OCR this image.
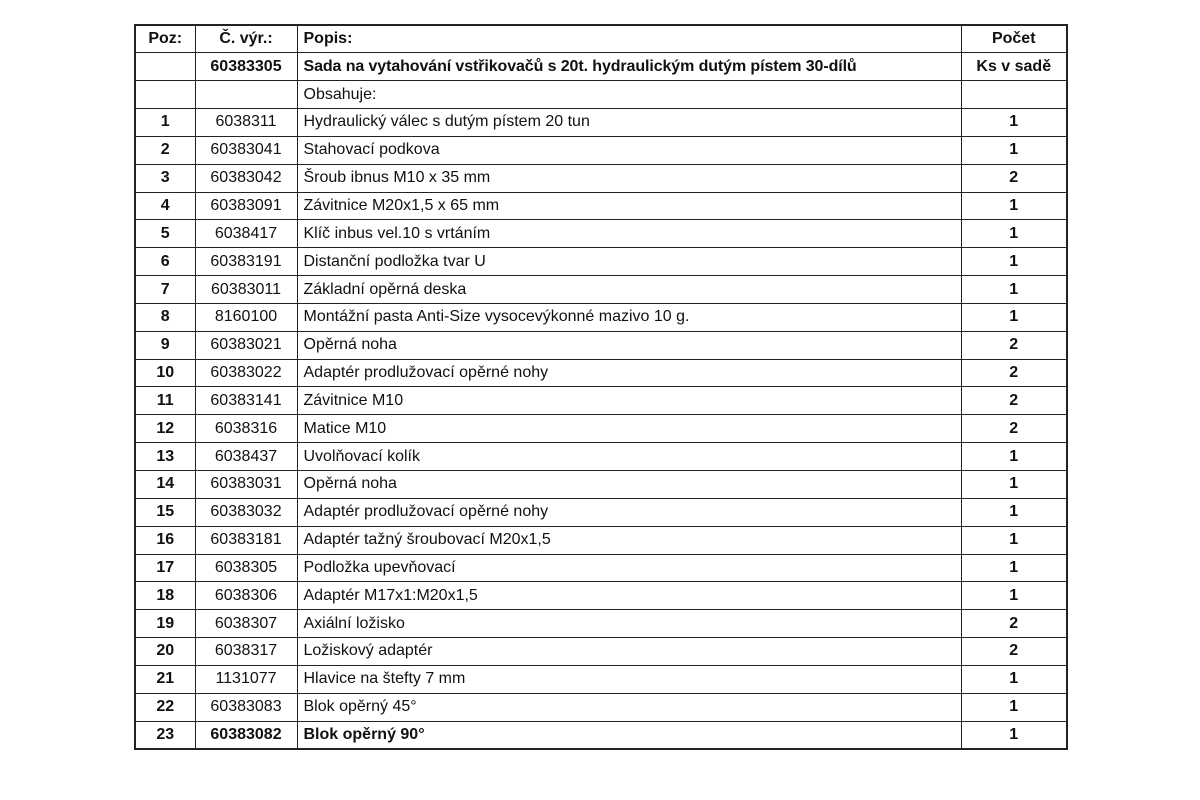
Poz:	Č. výr.:	Popis:	Počet
	60383305	Sada na vytahování vstřikovačů s 20t. hydraulickým dutým pístem 30-dílů	Ks v sadě
		Obsahuje:	
1	6038311	Hydraulický válec s dutým pístem 20 tun	1
2	60383041	Stahovací podkova	1
3	60383042	Šroub ibnus M10 x 35 mm	2
4	60383091	Závitnice M20x1,5 x 65 mm	1
5	6038417	Klíč inbus vel.10 s vrtáním	1
6	60383191	Distanční podložka tvar U	1
7	60383011	Základní opěrná deska	1
8	8160100	Montážní pasta Anti-Size vysocevýkonné mazivo 10 g.	1
9	60383021	Opěrná noha	2
10	60383022	Adaptér prodlužovací opěrné nohy	2
11	60383141	Závitnice M10	2
12	6038316	Matice M10	2
13	6038437	Uvolňovací kolík	1
14	60383031	Opěrná noha	1
15	60383032	Adaptér prodlužovací opěrné nohy	1
16	60383181	Adaptér tažný šroubovací M20x1,5	1
17	6038305	Podložka upevňovací	1
18	6038306	Adaptér M17x1:M20x1,5	1
19	6038307	Axiální ložisko	2
20	6038317	Ložiskový adaptér	2
21	1131077	Hlavice na štefty 7 mm	1
22	60383083	Blok opěrný 45°	1
23	60383082	Blok opěrný 90°	1
